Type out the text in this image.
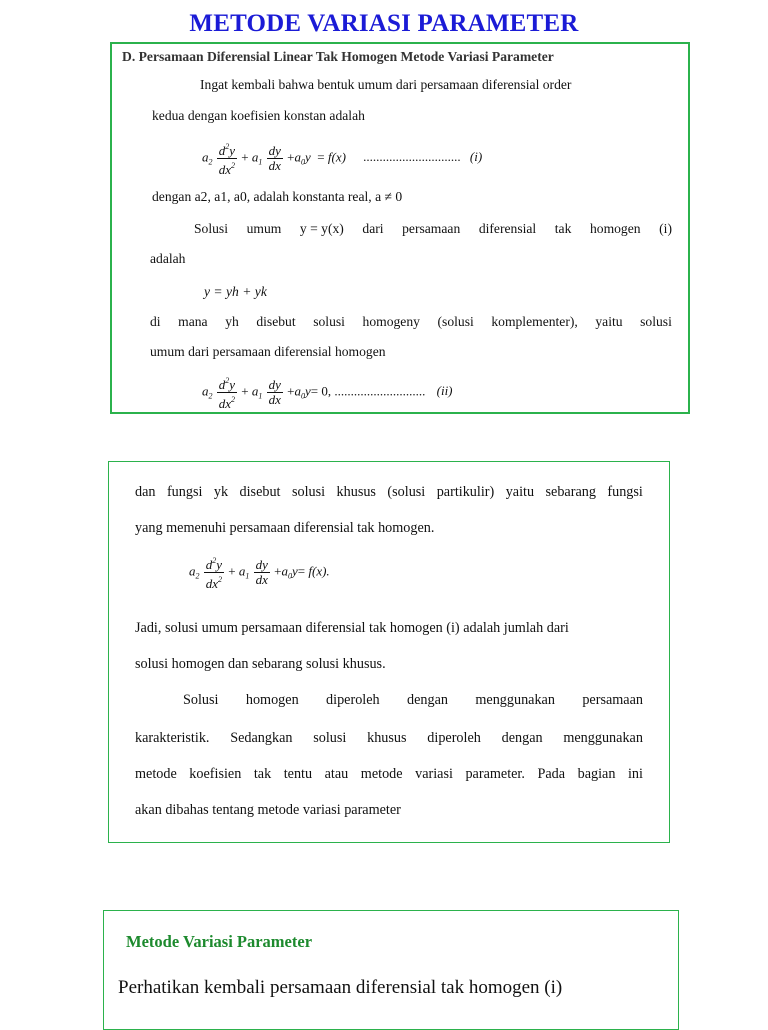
METODE VARIASI PARAMETER
D. Persamaan Diferensial Linear Tak Homogen Metode Variasi Parameter
Ingat kembali bahwa bentuk umum dari persamaan diferensial order
kedua dengan koefisien konstan adalah
$a_2 \frac{d^2y}{dx^2} + a_1 \frac{dy}{dx} +a_0y = f(x)$ .............................. (i)
dengan a2, a1, a0, adalah konstanta real, a ≠ 0
Solusi umum y = y(x) dari persamaan diferensial tak homogen (i)
adalah
y = yh + yk
di mana yh disebut solusi homogeny (solusi komplementer), yaitu solusi
umum dari persamaan diferensial homogen
$a_2 \frac{d^2y}{dx^2} + a_1 \frac{dy}{dx} +a_0y= 0$, ............................ (ii)
dan fungsi yk disebut solusi khusus (solusi partikulir) yaitu sebarang fungsi
yang memenuhi persamaan diferensial tak homogen.
$a_2 \frac{d^2y}{dx^2} + a_1 \frac{dy}{dx} +a_0y= f(x)$.
Jadi, solusi umum persamaan diferensial tak homogen (i) adalah jumlah dari
solusi homogen dan sebarang solusi khusus.
Solusi homogen diperoleh dengan menggunakan persamaan
karakteristik. Sedangkan solusi khusus diperoleh dengan menggunakan
metode koefisien tak tentu atau metode variasi parameter. Pada bagian ini
akan dibahas tentang metode variasi parameter
Metode Variasi Parameter
Perhatikan kembali persamaan diferensial tak homogen (i)
